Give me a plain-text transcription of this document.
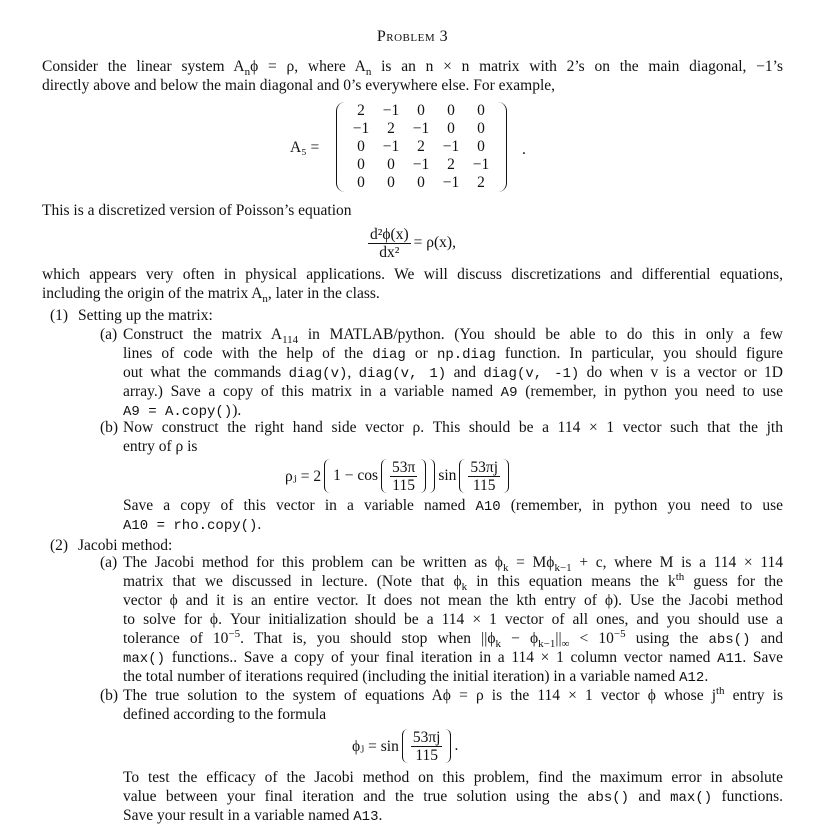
Problem 3
Consider the linear system $A_n\phi = \rho$, where $A_n$ is an n × n matrix with 2’s on the main diagonal, −1’s
directly above and below the main diagonal and 0’s everywhere else. For example,
A₅ =
2	−1	0	0	0
−1	2	−1	0	0
0	−1	2	−1	0
0	0	−1	2	−1
0	0	0	−1	2
.
This is a discretized version of Poisson’s equation
$\frac{\text{d²ϕ(x)}}{\text{dx²}} = \rho(x)$,
which appears very often in physical applications. We will discuss discretizations and differential equations,
including the origin of the matrix $A_n$, later in the class.
(1) Setting up the matrix:
(a) Construct the matrix $A_{114}$ in MATLAB/python. (You should be able to do this in only a few
lines of code with the help of the diag or np.diag function. In particular, you should figure
out what the commands diag(v), diag(v, 1) and diag(v, -1) do when v is a vector or 1D
array.) Save a copy of this matrix in a variable named A9 (remember, in python you need to use
A9 = A.copy()).
(b) Now construct the right hand side vector ρ. This should be a 114 × 1 vector such that the jth
entry of ρ is
ρⱼ = 2 $1 - \cos \frac{53\pi}{115}$ $\sin \frac{53\pi j}{115}$
Save a copy of this vector in a variable named A10 (remember, in python you need to use
A10 = rho.copy().
(2) Jacobi method:
(a) The Jacobi method for this problem can be written as $\phi_k = M\phi_{k-1} + c$, where M is a 114 × 114
matrix that we discussed in lecture. (Note that $\phi_k$ in this equation means the $k^{th}$ guess for the
vector ϕ and it is an entire vector. It does not mean the kth entry of ϕ). Use the Jacobi method
to solve for ϕ. Your initialization should be a 114 × 1 vector of all ones, and you should use a
tolerance of $10^{-5}$. That is, you should stop when $||\phi_k - \phi_{k-1}||_\infty < 10^{-5}$ using the abs() and
max() functions.. Save a copy of your final iteration in a 114 × 1 column vector named A11. Save
the total number of iterations required (including the initial iteration) in a variable named A12.
(b) The true solution to the system of equations Aϕ = ρ is the 114 × 1 vector ϕ whose $j^{th}$ entry is
defined according to the formula
ϕⱼ = $\sin \frac{53\pi j}{115}$ .
To test the efficacy of the Jacobi method on this problem, find the maximum error in absolute
value between your final iteration and the true solution using the abs() and max() functions.
Save your result in a variable named A13.
